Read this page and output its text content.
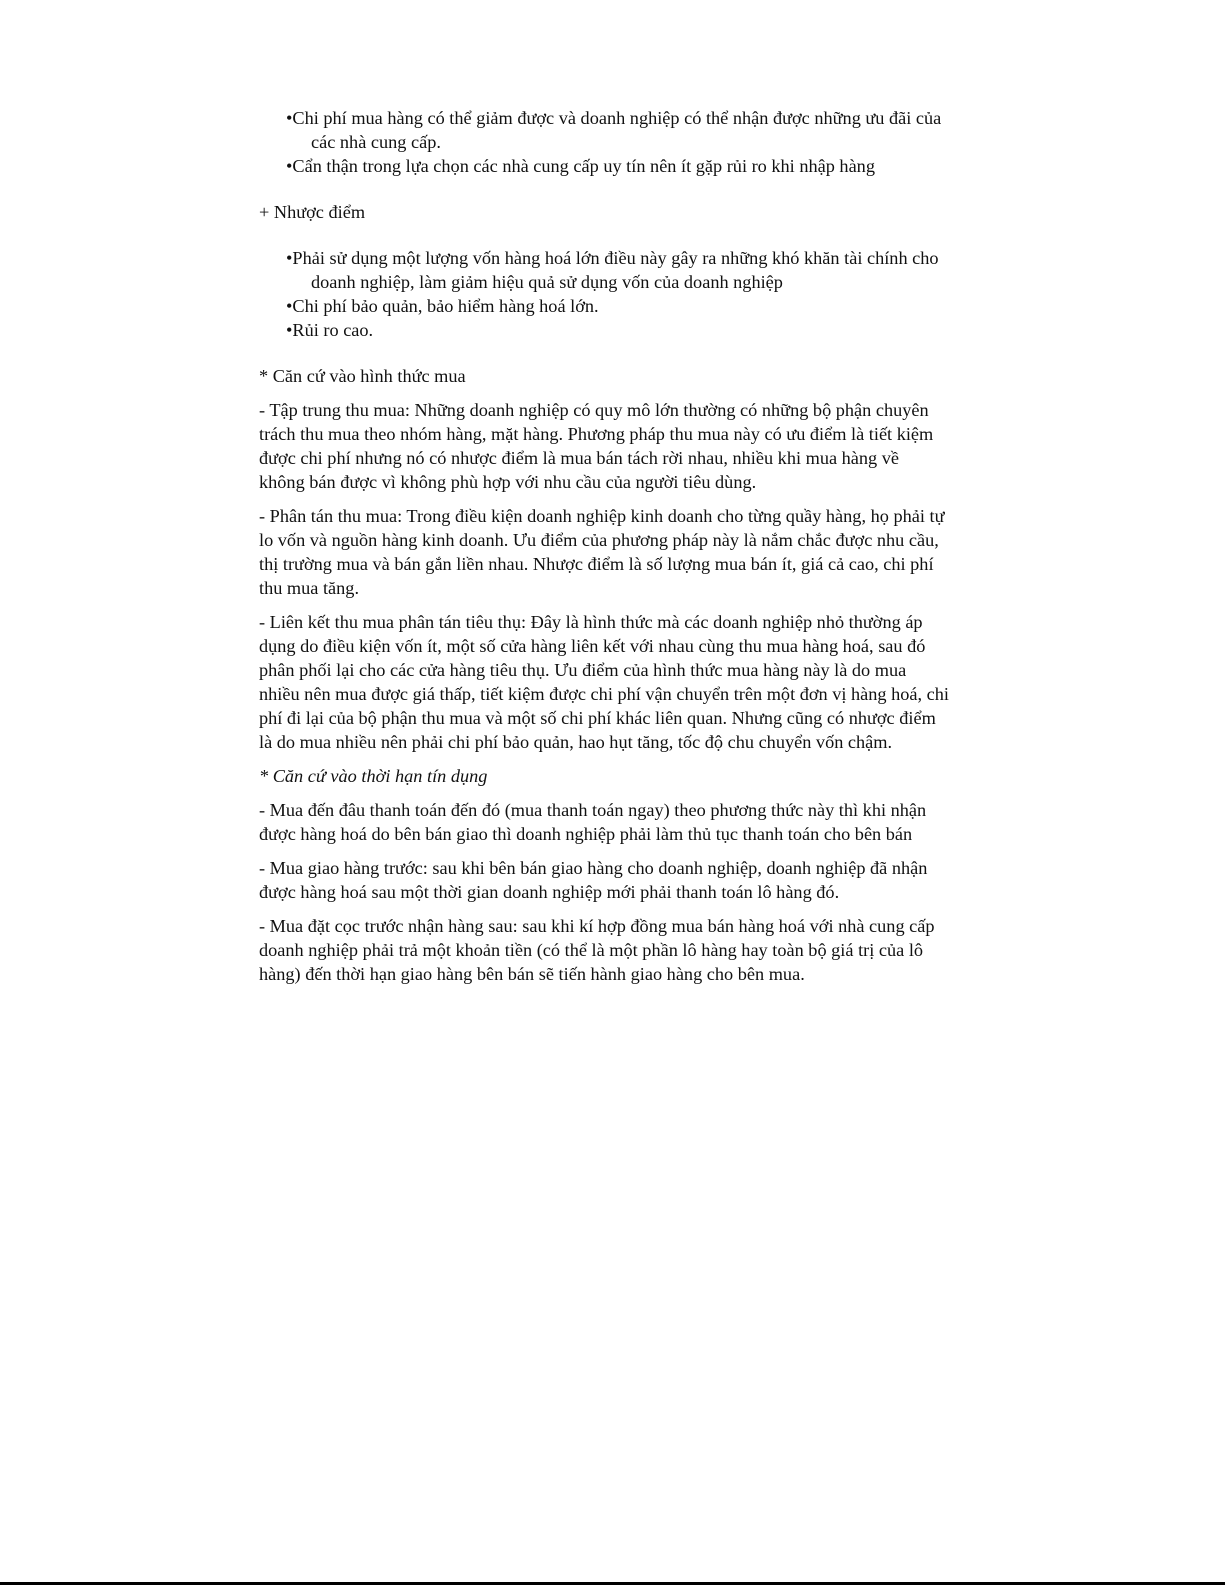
•Chi phí mua hàng có thể giảm được và doanh nghiệp có thể nhận được những ưu đãi của các nhà cung cấp.
•Cẩn thận trong lựa chọn các nhà cung cấp uy tín nên ít gặp rủi ro khi nhập hàng

+ Nhược điểm

•Phải sử dụng một lượng vốn hàng hoá lớn điều này gây ra những khó khăn tài chính cho doanh nghiệp, làm giảm hiệu quả sử dụng vốn của doanh nghiệp
•Chi phí bảo quản, bảo hiểm hàng hoá lớn.
•Rủi ro cao.

* Căn cứ vào hình thức mua

- Tập trung thu mua: Những doanh nghiệp có quy mô lớn thường có những bộ phận chuyên trách thu mua theo nhóm hàng, mặt hàng. Phương pháp thu mua này có ưu điểm là tiết kiệm được chi phí nhưng nó có nhược điểm là mua bán tách rời nhau, nhiều khi mua hàng về không bán được vì không phù hợp với nhu cầu của người tiêu dùng.

- Phân tán thu mua: Trong điều kiện doanh nghiệp kinh doanh cho từng quầy hàng, họ phải tự lo vốn và nguồn hàng kinh doanh. Ưu điểm của phương pháp này là nắm chắc được nhu cầu, thị trường mua và bán gắn liền nhau. Nhược điểm là số lượng mua bán ít, giá cả cao, chi phí thu mua tăng.

- Liên kết thu mua phân tán tiêu thụ: Đây là hình thức mà các doanh nghiệp nhỏ thường áp dụng do điều kiện vốn ít, một số cửa hàng liên kết với nhau cùng thu mua hàng hoá, sau đó phân phối lại cho các cửa hàng tiêu thụ. Ưu điểm của hình thức mua hàng này là do mua nhiều nên mua được giá thấp, tiết kiệm được chi phí vận chuyển trên một đơn vị hàng hoá, chi phí đi lại của bộ phận thu mua và một số chi phí khác liên quan. Nhưng cũng có nhược điểm là do mua nhiều nên phải chi phí bảo quản, hao hụt tăng, tốc độ chu chuyển vốn chậm.

* Căn cứ vào thời hạn tín dụng

- Mua đến đâu thanh toán đến đó (mua thanh toán ngay) theo phương thức này thì khi nhận được hàng hoá do bên bán giao thì doanh nghiệp phải làm thủ tục thanh toán cho bên bán

- Mua giao hàng trước: sau khi bên bán giao hàng cho doanh nghiệp, doanh nghiệp đã nhận được hàng hoá sau một thời gian doanh nghiệp mới phải thanh toán lô hàng đó.

- Mua đặt cọc trước nhận hàng sau: sau khi kí hợp đồng mua bán hàng hoá với nhà cung cấp doanh nghiệp phải trả một khoản tiền (có thể là một phần lô hàng hay toàn bộ giá trị của lô hàng) đến thời hạn giao hàng bên bán sẽ tiến hành giao hàng cho bên mua.
